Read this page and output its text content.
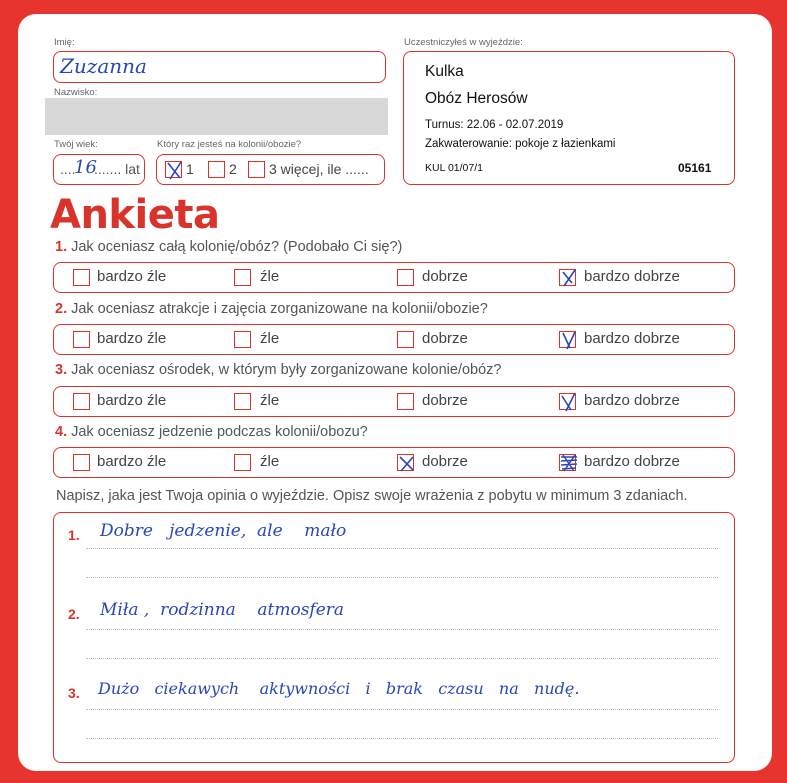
Imię:
Zuzanna
Nazwisko:
Twój wiek:
....
16
....... lat
Który raz jesteś na kolonii/obozie?
1	2 3 więcej, ile ......
Uczestniczyłeś w wyjeździe:
Kulka
Obóz Herosów
Turnus: 22.06 - 02.07.2019
Zakwaterowanie: pokoje z łazienkami
KUL 01/07/1	05161
Ankieta
1. Jak oceniasz całą kolonię/obóz? (Podobało Ci się?)
bardzo źle	źle	dobrze	bardzo dobrze
2. Jak oceniasz atrakcje i zajęcia zorganizowane na kolonii/obozie?
bardzo źle	źle	dobrze	bardzo dobrze
3. Jak oceniasz ośrodek, w którym były zorganizowane kolonie/obóz?
bardzo źle	źle	dobrze	bardzo dobrze
4. Jak oceniasz jedzenie podczas kolonii/obozu?
bardzo źle	źle	dobrze	bardzo dobrze
Napisz, jaka jest Twoja opinia o wyjeździe. Opisz swoje wrażenia z pobytu w minimum 3 zdaniach.
1. Dobre   jedzenie,  ale    mało
2. Miła ,  rodzinna    atmosfera
3. Dużo   ciekawych    aktywności   i   brak   czasu   na   nudę.
